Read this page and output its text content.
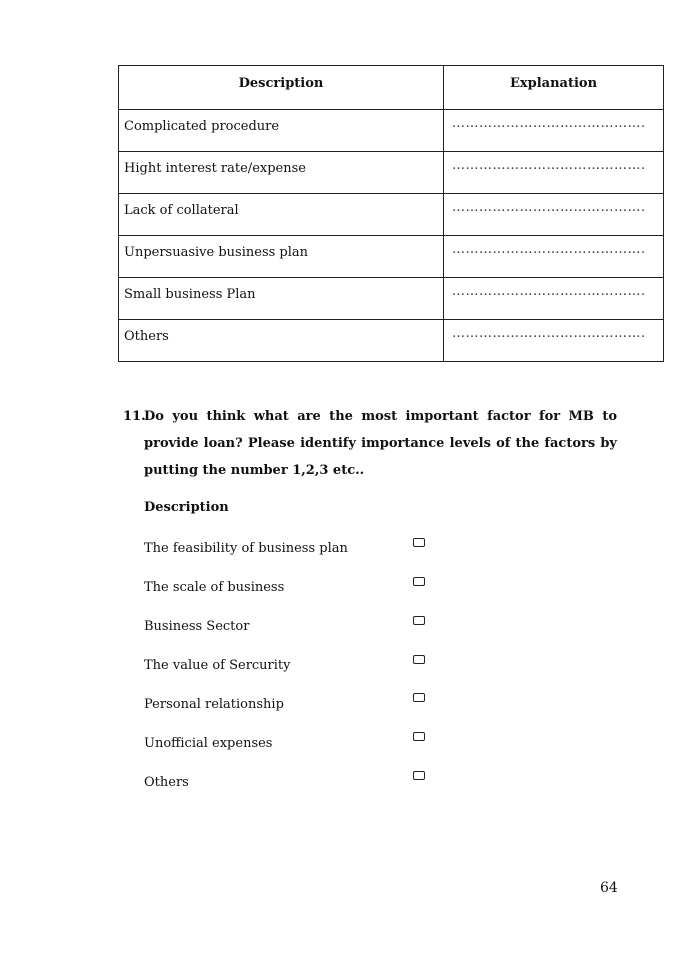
Description	Explanation
Complicated procedure	…………………………………….
Hight interest rate/expense	…………………………………….
Lack of collateral	…………………………………….
Unpersuasive business plan	…………………………………….
Small business Plan	…………………………………….
Others	…………………………………….
11.
Do you think what are the most important factor for MB to provide loan? Please identify importance levels of the factors by putting the number 1,2,3 etc..
Description
The feasibility of business plan
The scale of business
Business Sector
The value of Sercurity
Personal relationship
Unofficial expenses
Others
64
